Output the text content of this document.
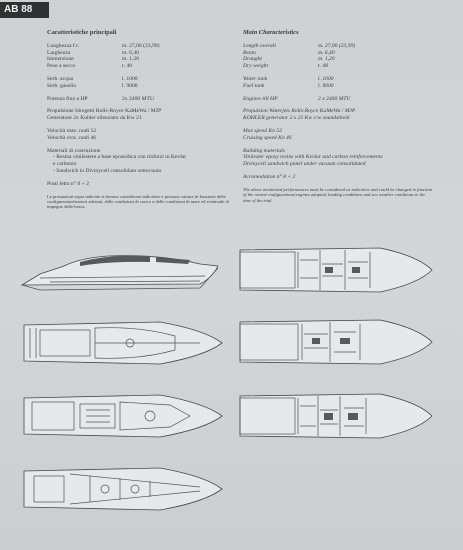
AB 88
Caratteristiche principali
Lunghezza f.t.	m. 27,00 (23,99)
Larghezza	m. 6,40
Immersione	m. 1,20
Peso a secco	t. 48
Serb. acqua	l. 1000
Serb. gasolio	l. 9000
Potenza fino a HP	2x 2400 MTU
Propulsione Idrogetti Rolls-Royce KaMeWa / MJP
Generatore 2x Kohler silenziato da Kw 21
Velocità max. nodi 52
Velocità croc. nodi 46
Materiali di costruzione
- Resina vinilestere a base epossidica con rinforzi in Kevlar
e carbonio
- Sandwich in Divinycell consolidato sottovuoto
Posti letto n° 8 + 2
Le prestazioni sopra indicate si devono considerare indicative e possono variare in funzione delle configurazioni/motori adottati, delle condizioni di carico e delle condizioni di mare ed eventuale di impegno delle barca.
Main Characteristics
Length overall	m. 27,00 (23,99)
Beam	m. 6,40
Draught	m. 1,20
Dry weight	t. 48
Water tank	l. 1000
Fuel tank	l. 9000
Engines till HP	2 x 2400 MTU
Propulsion Waterjets Rolls-Royce KaMeWa / MJP
KOHLER generator 2 x 21 Kw c/w soundshield
Max speed Kn 52
Cruising speed Kn 46
Building materials
Vinilester epoxy resins with Kevlar and carbon reinforcements
Divinycell sandwich panel under vacuum consolidated
Accomodation n° 8 + 2
The above mentioned performances must be considered as indicative and could be changed in function of the owned configurations/engines adopted, loading conditions and sea weather conditions in the time of the trial.
